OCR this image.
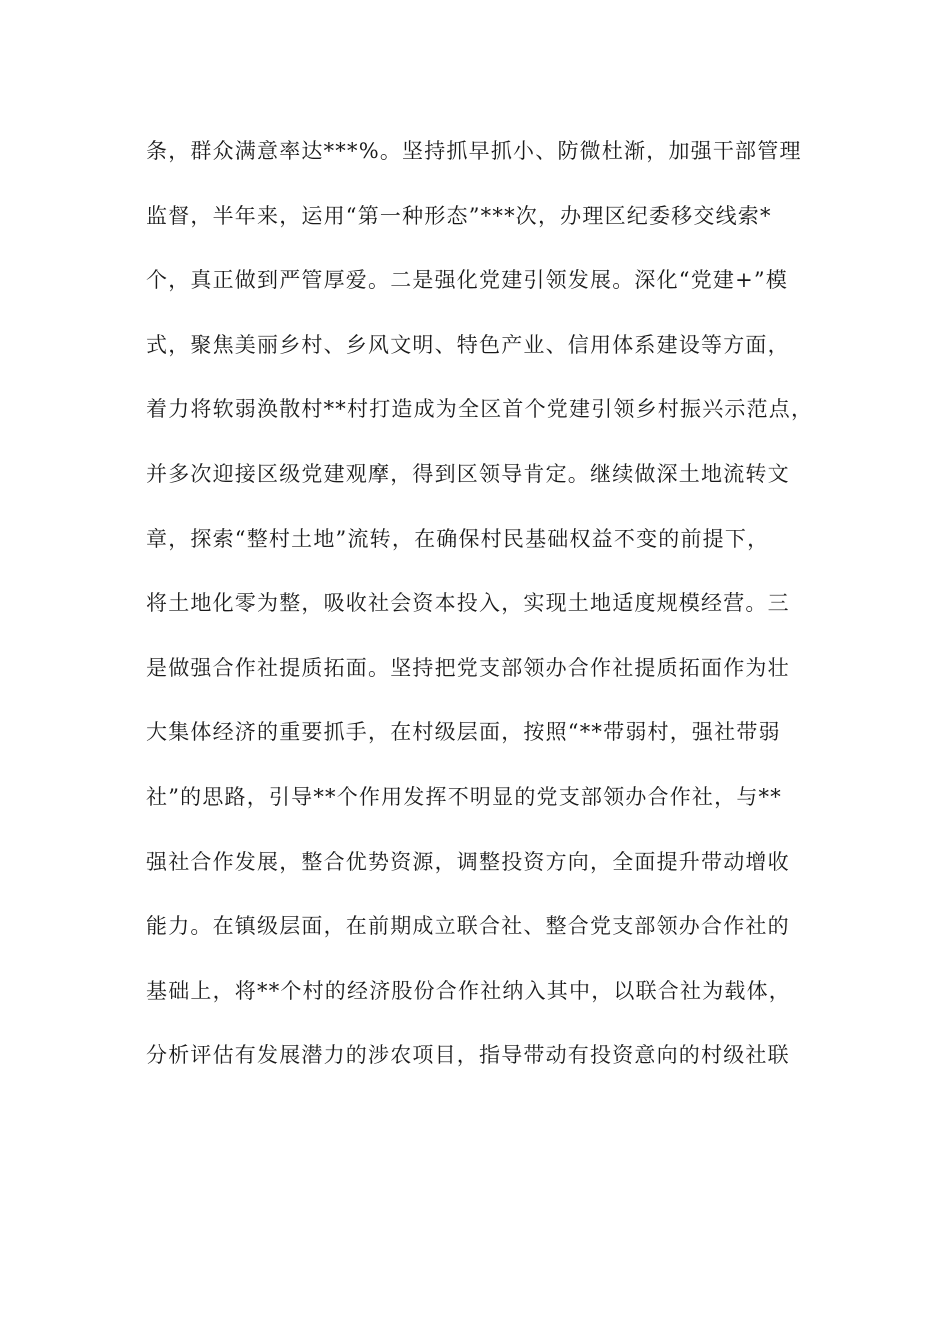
条，群众满意率达***%。坚持抓早抓小、防微杜渐，加强干部管理
监督，半年来，运用“第一种形态”***次，办理区纪委移交线索*
个，真正做到严管厚爱。二是强化党建引领发展。深化“党建+”模
式，聚焦美丽乡村、乡风文明、特色产业、信用体系建设等方面，
着力将软弱涣散村**村打造成为全区首个党建引领乡村振兴示范点，
并多次迎接区级党建观摩，得到区领导肯定。继续做深土地流转文
章，探索“整村土地”流转，在确保村民基础权益不变的前提下，
将土地化零为整，吸收社会资本投入，实现土地适度规模经营。三
是做强合作社提质拓面。坚持把党支部领办合作社提质拓面作为壮
大集体经济的重要抓手，在村级层面，按照“**带弱村，强社带弱
社”的思路，引导**个作用发挥不明显的党支部领办合作社，与**
强社合作发展，整合优势资源，调整投资方向，全面提升带动增收
能力。在镇级层面，在前期成立联合社、整合党支部领办合作社的
基础上，将**个村的经济股份合作社纳入其中，以联合社为载体，
分析评估有发展潜力的涉农项目，指导带动有投资意向的村级社联
